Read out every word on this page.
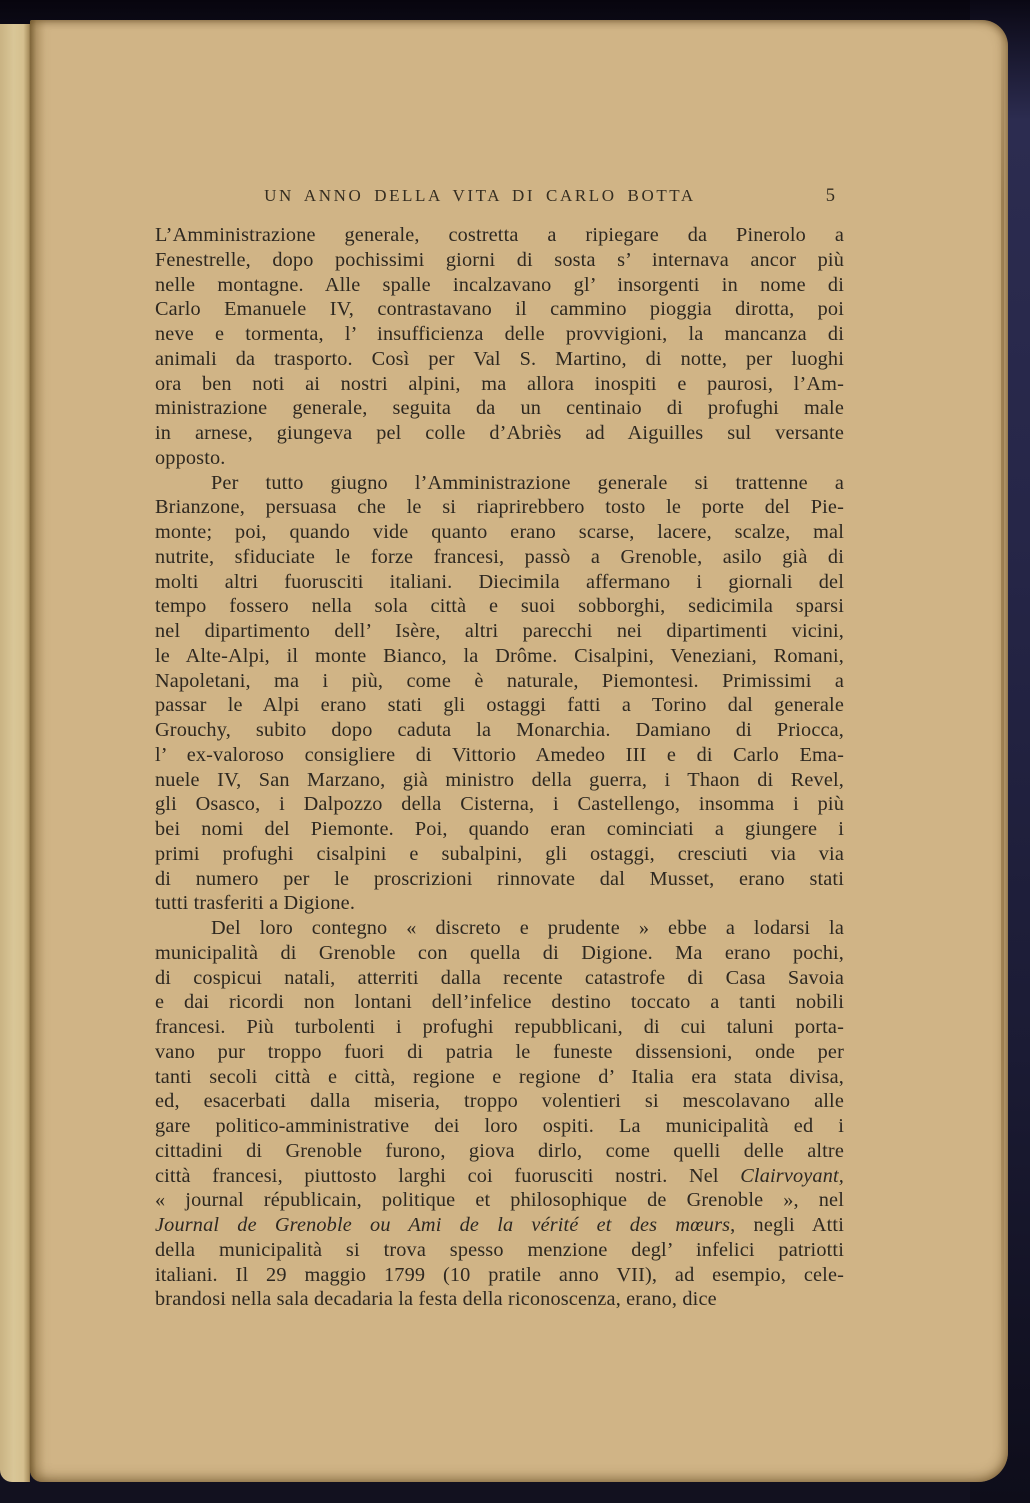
UN ANNO DELLA VITA DI CARLO BOTTA	5
L’Amministrazione generale, costretta a ripiegare da Pinerolo a
Fenestrelle, dopo pochissimi giorni di sosta s’ internava ancor più
nelle montagne. Alle spalle incalzavano gl’ insorgenti in nome di
Carlo Emanuele IV, contrastavano il cammino pioggia dirotta, poi
neve e tormenta, l’ insufficienza delle provvigioni, la mancanza di
animali da trasporto. Così per Val S. Martino, di notte, per luoghi
ora ben noti ai nostri alpini, ma allora inospiti e paurosi, l’Am-
ministrazione generale, seguita da un centinaio di profughi male
in arnese, giungeva pel colle d’Abriès ad Aiguilles sul versante
opposto.
Per tutto giugno l’Amministrazione generale si trattenne a
Brianzone, persuasa che le si riaprirebbero tosto le porte del Pie-
monte; poi, quando vide quanto erano scarse, lacere, scalze, mal
nutrite, sfiduciate le forze francesi, passò a Grenoble, asilo già di
molti altri fuorusciti italiani. Diecimila affermano i giornali del
tempo fossero nella sola città e suoi sobborghi, sedicimila sparsi
nel dipartimento dell’ Isère, altri parecchi nei dipartimenti vicini,
le Alte-Alpi, il monte Bianco, la Drôme. Cisalpini, Veneziani, Romani,
Napoletani, ma i più, come è naturale, Piemontesi. Primissimi a
passar le Alpi erano stati gli ostaggi fatti a Torino dal generale
Grouchy, subito dopo caduta la Monarchia. Damiano di Priocca,
l’ ex-valoroso consigliere di Vittorio Amedeo III e di Carlo Ema-
nuele IV, San Marzano, già ministro della guerra, i Thaon di Revel,
gli Osasco, i Dalpozzo della Cisterna, i Castellengo, insomma i più
bei nomi del Piemonte. Poi, quando eran cominciati a giungere i
primi profughi cisalpini e subalpini, gli ostaggi, cresciuti via via
di numero per le proscrizioni rinnovate dal Musset, erano stati
tutti trasferiti a Digione.
Del loro contegno « discreto e prudente » ebbe a lodarsi la
municipalità di Grenoble con quella di Digione. Ma erano pochi,
di cospicui natali, atterriti dalla recente catastrofe di Casa Savoia
e dai ricordi non lontani dell’infelice destino toccato a tanti nobili
francesi. Più turbolenti i profughi repubblicani, di cui taluni porta-
vano pur troppo fuori di patria le funeste dissensioni, onde per
tanti secoli città e città, regione e regione d’ Italia era stata divisa,
ed, esacerbati dalla miseria, troppo volentieri si mescolavano alle
gare politico-amministrative dei loro ospiti. La municipalità ed i
cittadini di Grenoble furono, giova dirlo, come quelli delle altre
città francesi, piuttosto larghi coi fuorusciti nostri. Nel Clairvoyant,
« journal républicain, politique et philosophique de Grenoble », nel
Journal de Grenoble ou Ami de la vérité et des mœurs, negli Atti
della municipalità si trova spesso menzione degl’ infelici patriotti
italiani. Il 29 maggio 1799 (10 pratile anno VII), ad esempio, cele-
brandosi nella sala decadaria la festa della riconoscenza, erano, dice
